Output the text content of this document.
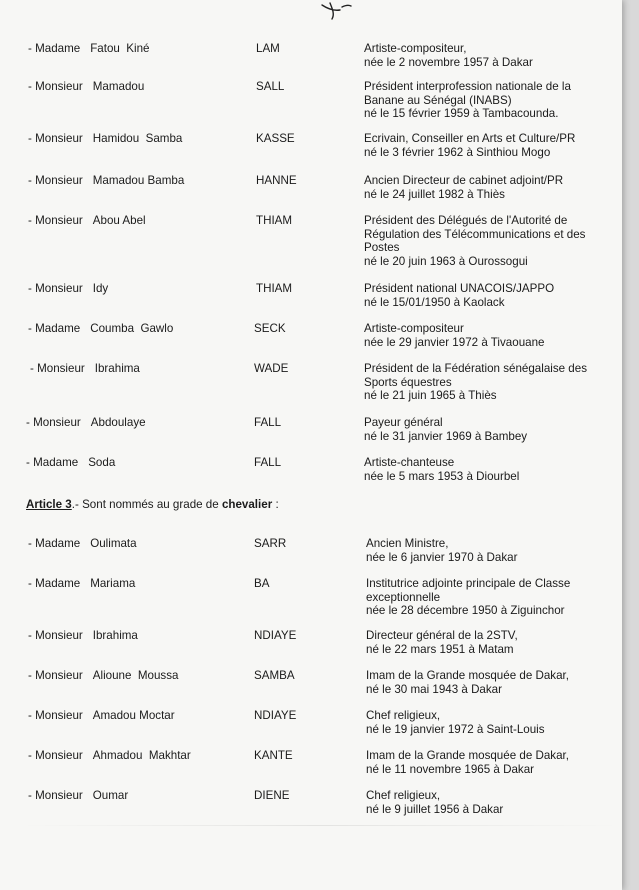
- Madame Fatou  Kiné	LAM	Artiste-compositeur,
née le 2 novembre 1957 à Dakar
- Monsieur Mamadou	SALL	Président interprofession nationale de la Banane au Sénégal (INABS)
né le 15 février 1959 à Tambacounda.
- Monsieur Hamidou  Samba	KASSE	Ecrivain, Conseiller en Arts et Culture/PR
né le 3 février 1962 à Sinthiou Mogo
- Monsieur Mamadou Bamba	HANNE	Ancien Directeur de cabinet adjoint/PR
né le 24 juillet 1982 à Thiès
- Monsieur Abou Abel	THIAM	Président des Délégués de l'Autorité de Régulation des Télécommunications et des Postes
né le 20 juin 1963 à Ourossogui
- Monsieur Idy	THIAM	Président national UNACOIS/JAPPO
né le 15/01/1950 à Kaolack
- Madame Coumba  Gawlo	SECK	Artiste-compositeur
née le 29 janvier 1972 à Tivaouane
- Monsieur Ibrahima	WADE	Président de la Fédération sénégalaise des Sports équestres
né le 21 juin 1965 à Thiès
- Monsieur Abdoulaye	FALL	Payeur général
né le 31 janvier 1969 à Bambey
- Madame Soda	FALL	Artiste-chanteuse
née le 5 mars 1953 à Diourbel
Article 3.- Sont nommés au grade de chevalier :
- Madame Oulimata	SARR	Ancien Ministre,
née le 6 janvier 1970 à Dakar
- Madame Mariama	BA	Institutrice adjointe principale de Classe exceptionnelle
née le 28 décembre 1950 à Ziguinchor
- Monsieur Ibrahima	NDIAYE	Directeur général de la 2STV,
né le 22 mars 1951 à Matam
- Monsieur Alioune  Moussa	SAMBA	Imam de la Grande mosquée de Dakar,
né le 30 mai 1943 à Dakar
- Monsieur Amadou Moctar	NDIAYE	Chef religieux,
né le 19 janvier 1972 à Saint-Louis
- Monsieur Ahmadou  Makhtar	KANTE	Imam de la Grande mosquée de Dakar,
né le 11 novembre 1965 à Dakar
- Monsieur Oumar	DIENE	Chef religieux,
né le 9 juillet 1956 à Dakar
